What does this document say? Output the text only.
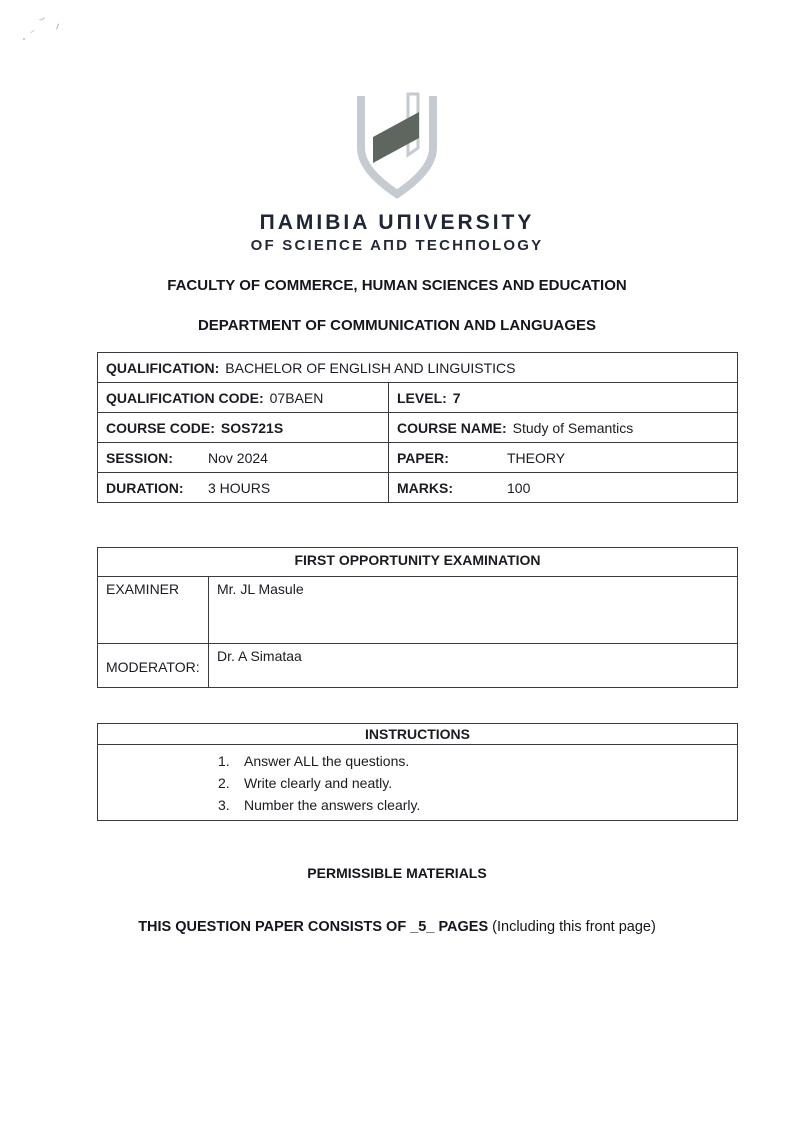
ПAMIBIA UПIVERSITY
OF SCIEПCE AПD TECHПOLOGY
FACULTY OF COMMERCE, HUMAN SCIENCES AND EDUCATION
DEPARTMENT OF COMMUNICATION AND LANGUAGES
QUALIFICATION: BACHELOR OF ENGLISH AND LINGUISTICS	
QUALIFICATION CODE: 07BAEN	LEVEL: 7
COURSE CODE: SOS721S	COURSE NAME: Study of Semantics
SESSION: Nov 2024	PAPER: THEORY
DURATION: 3 HOURS	MARKS: 100
FIRST OPPORTUNITY EXAMINATION	
EXAMINER	Mr. JL Masule
MODERATOR:	Dr. A Simataa
INSTRUCTIONS

1. Answer ALL the questions.
2. Write clearly and neatly.
3. Number the answers clearly.
PERMISSIBLE MATERIALS
THIS QUESTION PAPER CONSISTS OF _5_ PAGES (Including this front page)
